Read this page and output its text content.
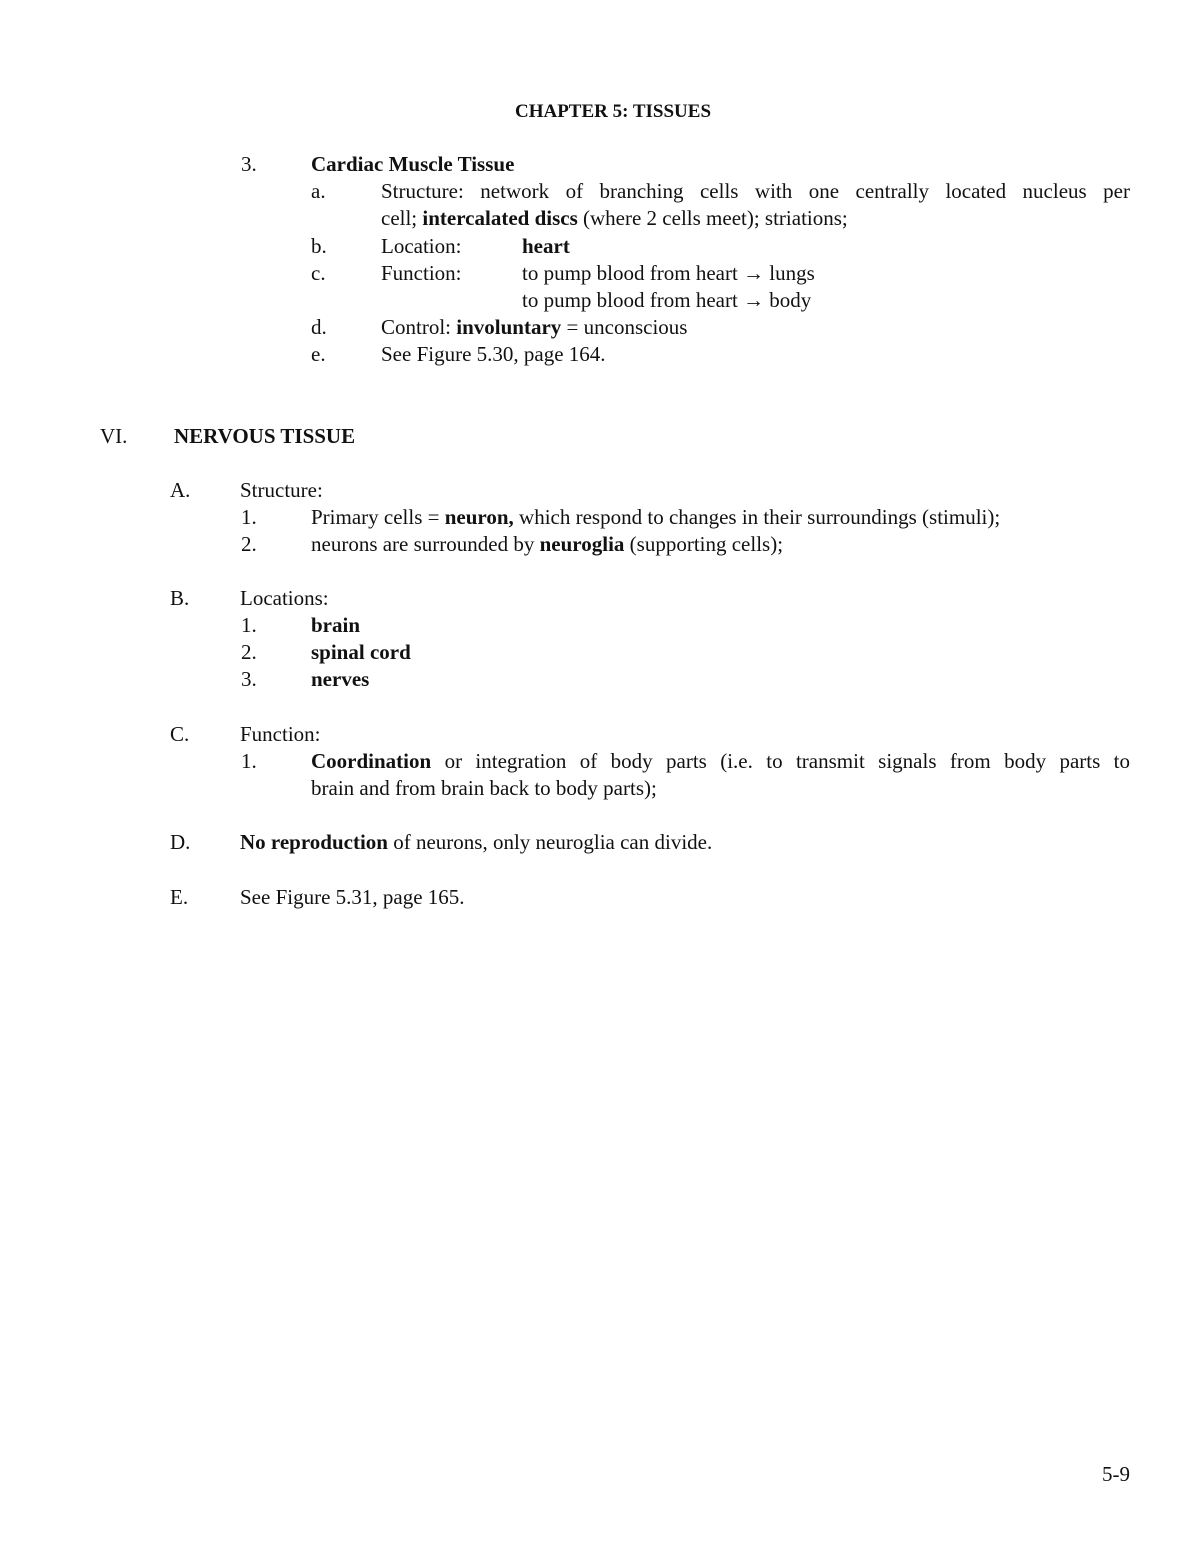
CHAPTER 5: TISSUES
3.	Cardiac Muscle Tissue
a.	Structure: network of branching cells with one centrally located nucleus per
cell; intercalated discs (where 2 cells meet); striations;
b.	Location:	heart
c.	Function:	to pump blood from heart → lungs
to pump blood from heart → body
d.	Control: involuntary = unconscious
e.	See Figure 5.30, page 164.
VI. NERVOUS TISSUE
A. Structure:
1.	Primary cells = neuron, which respond to changes in their surroundings (stimuli);
2.	neurons are surrounded by neuroglia (supporting cells);
B. Locations:
1.	brain
2.	spinal cord
3.	nerves
C. Function:
1.	Coordination or integration of body parts (i.e. to transmit signals from body parts to
brain and from brain back to body parts);
D. No reproduction of neurons, only neuroglia can divide.
E. See Figure 5.31, page 165.
5-9
